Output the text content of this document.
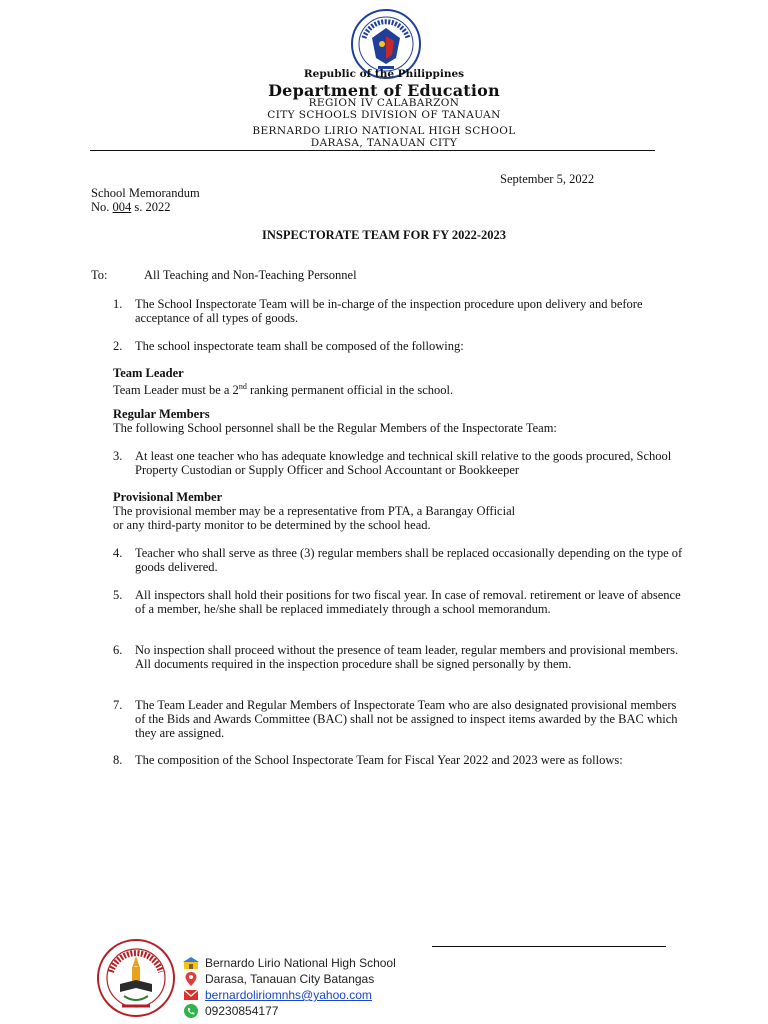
Republic of the Philippines
Department of Education
REGION IV CALABARZON
CITY SCHOOLS DIVISION OF TANAUAN
BERNARDO LIRIO NATIONAL HIGH SCHOOL
DARASA, TANAUAN CITY
September 5, 2022
School Memorandum
No. 004 s. 2022
INSPECTORATE TEAM FOR FY 2022-2023
To:	All Teaching and Non-Teaching Personnel
1. The School Inspectorate Team will be in-charge of the inspection procedure upon delivery and before acceptance of all types of goods.
2. The school inspectorate team shall be composed of the following:
Team Leader
Team Leader must be a 2nd ranking permanent official in the school.
Regular Members
The following School personnel shall be the Regular Members of the Inspectorate Team:
3. At least one teacher who has adequate knowledge and technical skill relative to the goods procured, School Property Custodian or Supply Officer and School Accountant or Bookkeeper
Provisional Member
The provisional member may be a representative from PTA, a Barangay Official
or any third-party monitor to be determined by the school head.
4. Teacher who shall serve as three (3) regular members shall be replaced occasionally depending on the type of goods delivered.
5. All inspectors shall hold their positions for two fiscal year. In case of removal. retirement or leave of absence of a member, he/she shall be replaced immediately through a school memorandum.
6. No inspection shall proceed without the presence of team leader, regular members and provisional members. All documents required in the inspection procedure shall be signed personally by them.
7. The Team Leader and Regular Members of Inspectorate Team who are also designated provisional members of the Bids and Awards Committee (BAC) shall not be assigned to inspect items awarded by the BAC which they are assigned.
8. The composition of the School Inspectorate Team for Fiscal Year 2022 and 2023 were as follows:
Bernardo Lirio National High School
Darasa, Tanauan City Batangas
bernardoliriomnhs@yahoo.com
09230854177
